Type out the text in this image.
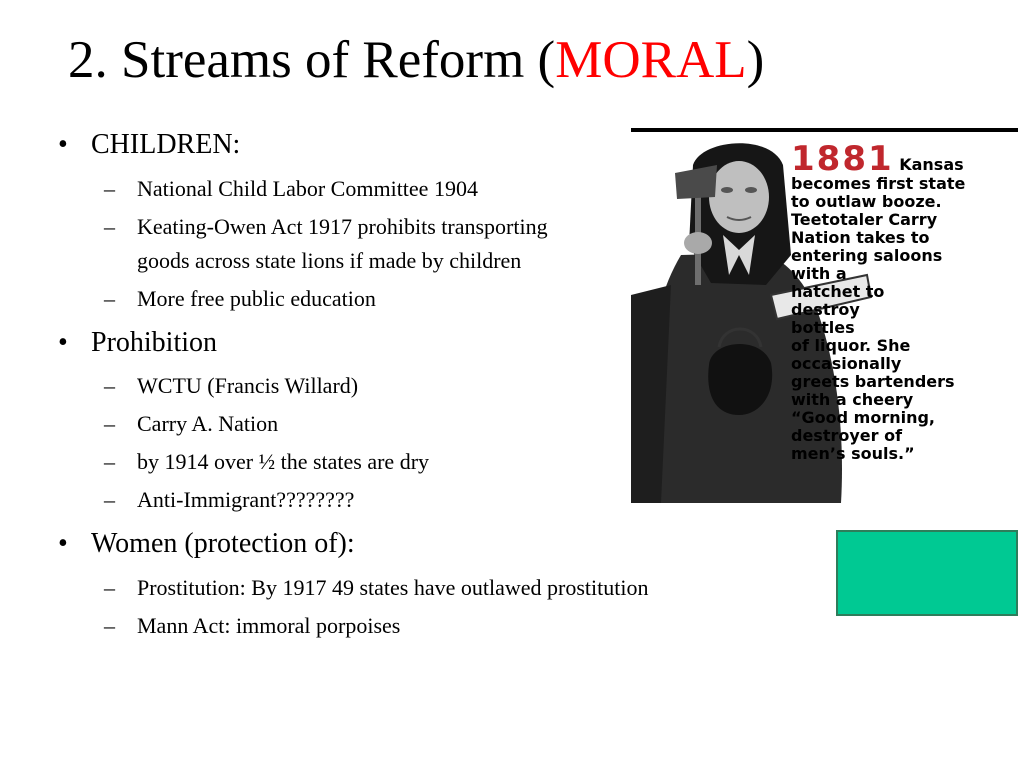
2. Streams of Reform (MORAL)
• CHILDREN:
– National Child Labor Committee 1904
– Keating-Owen Act 1917 prohibits transporting goods across state lions if made by children
– More free public education
• Prohibition
– WCTU (Francis Willard)
– Carry A. Nation
– by 1914 over ½ the states are dry
– Anti-Immigrant????????
• Women (protection of):
– Prostitution: By 1917 49 states have outlawed prostitution
– Mann Act: immoral porpoises
1881 Kansas
becomes first state
to outlaw booze.
Teetotaler Carry
Nation takes to
entering saloons
with a
hatchet to
destroy
bottles
of liquor. She
occasionally
greets bartenders
with a cheery
“Good morning,
destroyer of
men’s souls.”
